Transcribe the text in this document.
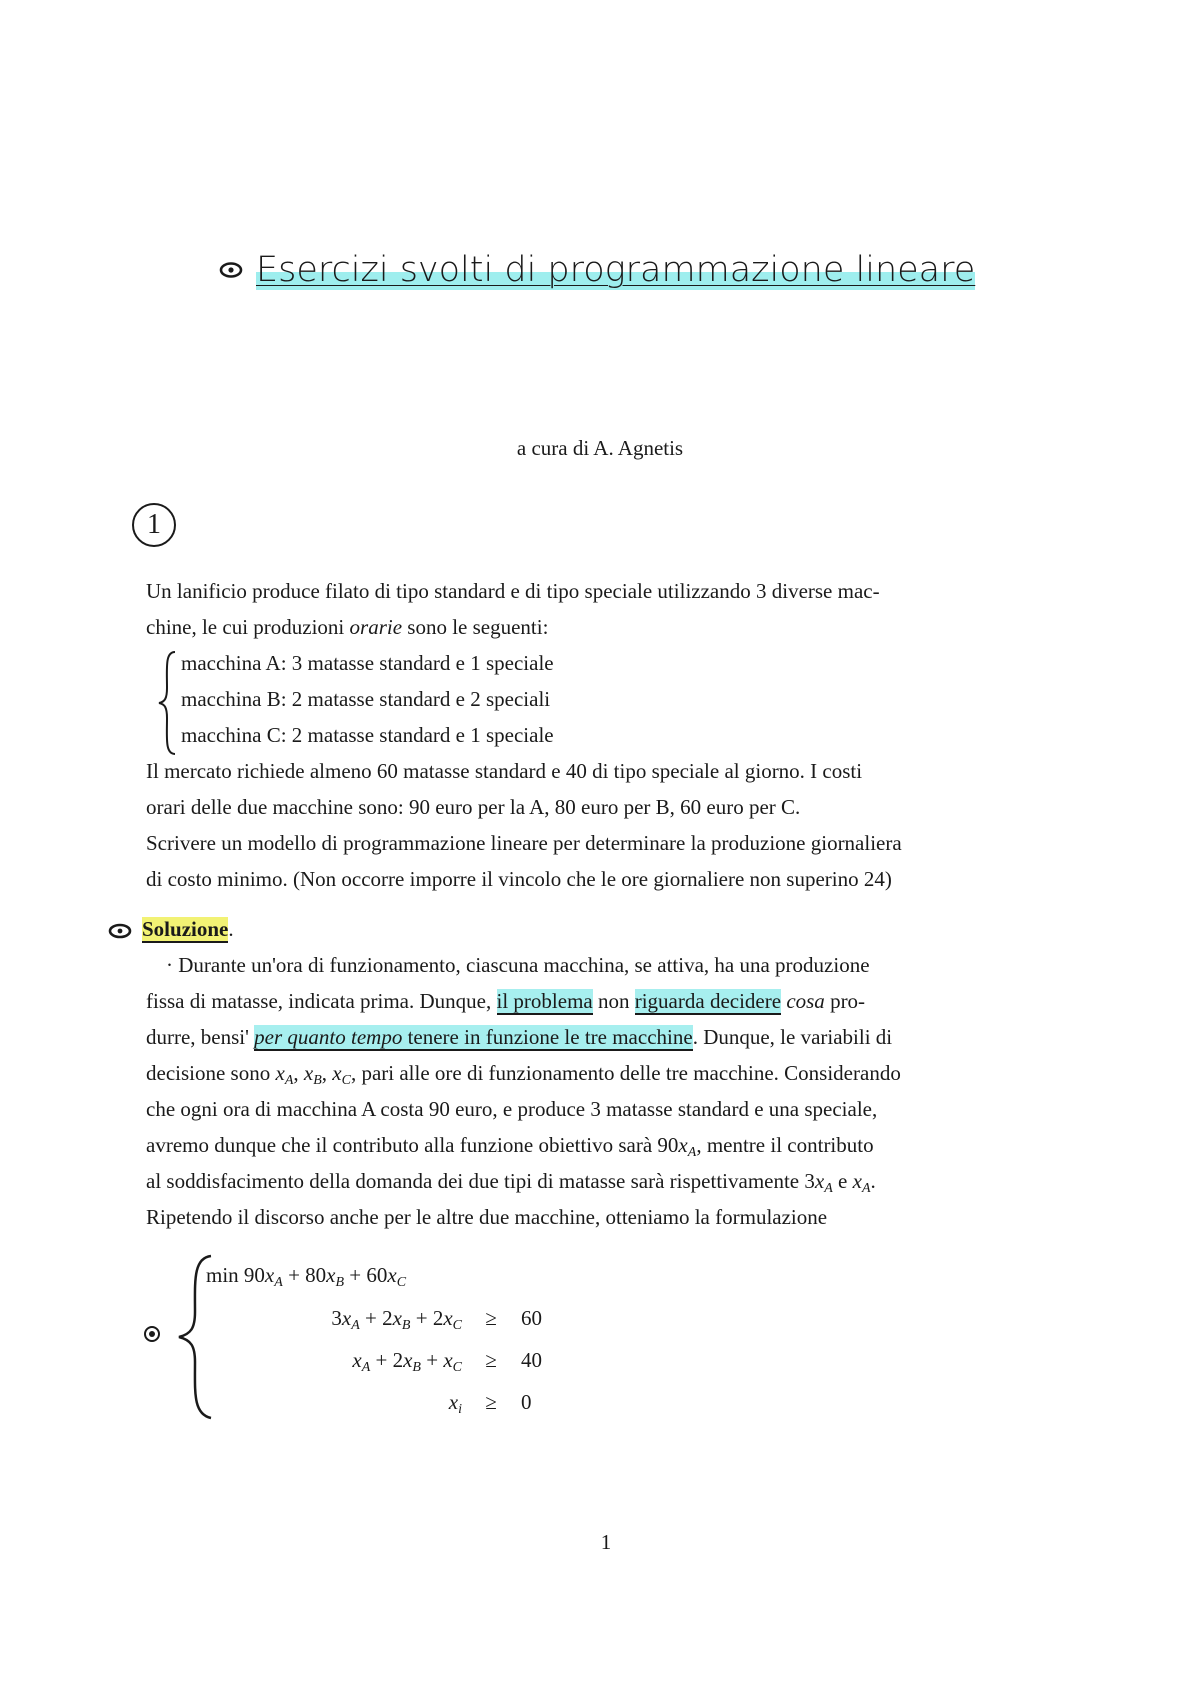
Esercizi svolti di programmazione lineare
a cura di A. Agnetis
1
Un lanificio produce filato di tipo standard e di tipo speciale utilizzando 3 diverse mac-
chine, le cui produzioni orarie sono le seguenti:
macchina A: 3 matasse standard e 1 speciale
macchina B: 2 matasse standard e 2 speciali
macchina C: 2 matasse standard e 1 speciale
Il mercato richiede almeno 60 matasse standard e 40 di tipo speciale al giorno. I costi
orari delle due macchine sono: 90 euro per la A, 80 euro per B, 60 euro per C.
Scrivere un modello di programmazione lineare per determinare la produzione giornaliera
di costo minimo. (Non occorre imporre il vincolo che le ore giornaliere non superino 24)
Soluzione.
· Durante un'ora di funzionamento, ciascuna macchina, se attiva, ha una produzione
fissa di matasse, indicata prima. Dunque, il problema non riguarda decidere cosa pro-
durre, bensi' per quanto tempo tenere in funzione le tre macchine. Dunque, le variabili di
decisione sono $x_A$, $x_B$, $x_C$, pari alle ore di funzionamento delle tre macchine. Considerando
che ogni ora di macchina A costa 90 euro, e produce 3 matasse standard e una speciale,
avremo dunque che il contributo alla funzione obiettivo sarà $90x_A$, mentre il contributo
al soddisfacimento della domanda dei due tipi di matasse sarà rispettivamente $3x_A$ e $x_A$.
Ripetendo il discorso anche per le altre due macchine, otteniamo la formulazione
$\min 90x_A + 80x_B + 60x_C$
$3x_A + 2x_B + 2x_C$	≥	60
$x_A + 2x_B + x_C$	≥	40
$x_i$	≥	0
1
